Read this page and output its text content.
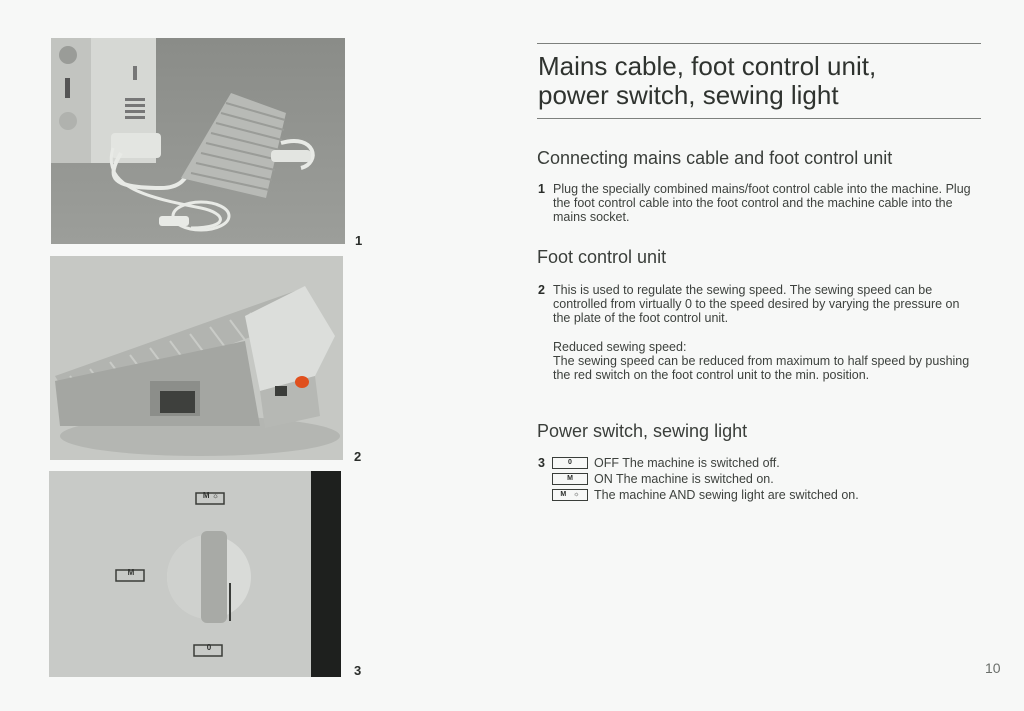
1
2
M ☼
M
0
3
Mains cable, foot control unit,
power switch, sewing light
Connecting mains cable and foot control unit
1 Plug the specially combined mains/foot control cable into the machine. Plug the foot control cable into the foot control and the machine cable into the mains socket.
Foot control unit
2 This is used to regulate the sewing speed. The sewing speed can be controlled from virtually 0 to the speed desired by varying the pressure on the plate of the foot control unit.
Reduced sewing speed:
The sewing speed can be reduced from maximum to half speed by pushing the red switch on the foot control unit to the min. position.
Power switch, sewing light
3	0 OFF The machine is switched off.
M ON The machine is switched on.
M ☼ The machine AND sewing light are switched on.
10
